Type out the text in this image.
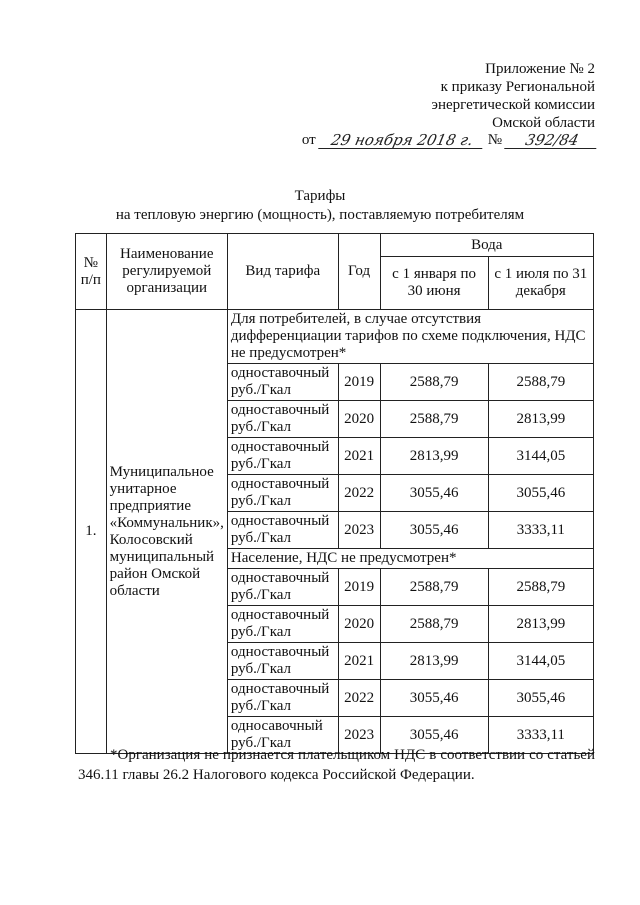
Приложение № 2
к приказу Региональной
энергетической комиссии
Омской области
от 29 ноября 2018 г. №	392/84
Тарифы
на тепловую энергию (мощность), поставляемую потребителям
№ п/п	Наименование регулируемой организации	Вид тарифа	Год	Вода	
				с 1 января по 30 июня	с 1 июля по 31 декабря
1.	Муниципальное унитарное предприятие «Коммунальник», Колосовский муниципальный район Омской области	Для потребителей, в случае отсутствия дифференциации тарифов по схеме подключения, НДС не предусмотрен*			
		одноставочный руб./Гкал	2019	2588,79	2588,79
		одноставочный руб./Гкал	2020	2588,79	2813,99
		одноставочный руб./Гкал	2021	2813,99	3144,05
		одноставочный руб./Гкал	2022	3055,46	3055,46
		одноставочный руб./Гкал	2023	3055,46	3333,11
		Население, НДС не предусмотрен*			
		одноставочный руб./Гкал	2019	2588,79	2588,79
		одноставочный руб./Гкал	2020	2588,79	2813,99
		одноставочный руб./Гкал	2021	2813,99	3144,05
		одноставочный руб./Гкал	2022	3055,46	3055,46
		односавочный руб./Гкал	2023	3055,46	3333,11
*Организация не признается плательщиком НДС в соответствии со статьей 346.11 главы 26.2 Налогового кодекса Российской Федерации.
